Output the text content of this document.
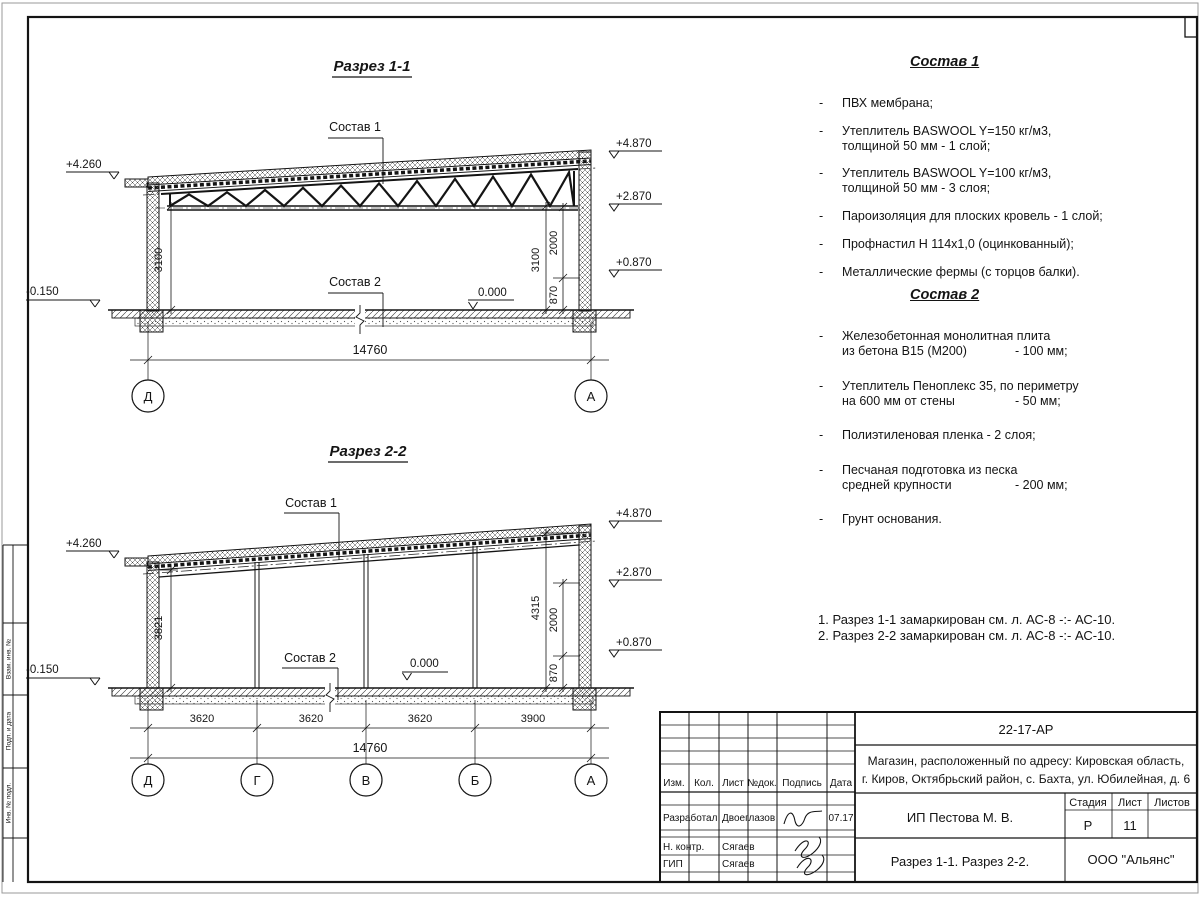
Взам. инв. №
Подп. и дата
Инв. № подл.
Разрез 1-1
Состав 1
Состав 2
0.000
3100	3100
2000
870
+4.870
+2.870
+0.870
+4.260
-0.150
14760
Д	А
Разрез 2-2
Состав 1
Состав 2	0.000
3821
4315 2000
870
+4.870
+2.870
+0.870
+4.260
-0.150
3620	3620	3620	3900
14760
Д	Г	В	Б	А	Изм. Кол. Лист №док. Подпись Дата
Разработал Двоеглазов	07.17
Н. контр. Сягаев
ГИП	Сягаев
22-17-АР
Магазин, расположенный по адресу: Кировская область,
г. Киров, Октябрьский район, с. Бахта, ул. Юбилейная, д. 6
ИП Пестова М. В.
Стадия Лист Листов
Р 11
Разрез 1-1. Разрез 2-2.	ООО "Альянс"
Состав 1
-	ПВХ мембрана;
-	Утеплитель BASWOOL Y=150 кг/м3,
толщиной 50 мм - 1 слой;
-	Утеплитель BASWOOL Y=100 кг/м3,
толщиной 50 мм - 3 слоя;
-	Пароизоляция для плоских кровель - 1 слой;
-	Профнастил Н 114х1,0 (оцинкованный);
-	Металлические фермы (с торцов балки).
Состав 2
-	Железобетонная монолитная плита
из бетона В15 (М200)	- 100 мм;
-	Утеплитель Пеноплекс 35, по периметру
на 600 мм от стены	- 50 мм;
-	Полиэтиленовая пленка - 2 слоя;
-	Песчаная подготовка из песка
средней крупности	- 200 мм;
-	Грунт основания.
1. Разрез 1-1 замаркирован см. л. АС-8 -:- АС-10.
2. Разрез 2-2 замаркирован см. л. АС-8 -:- АС-10.
